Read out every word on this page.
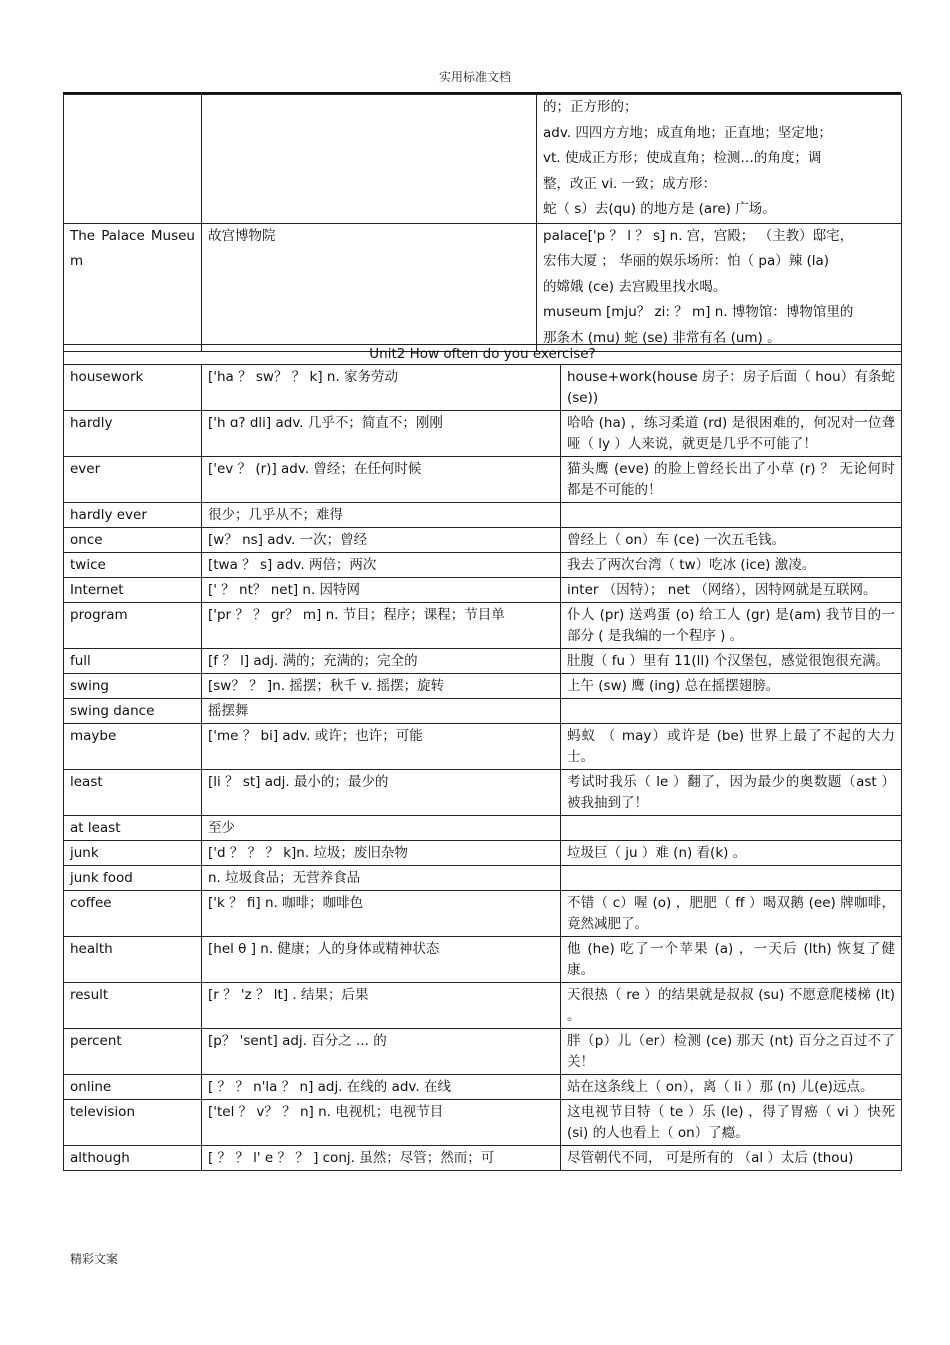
实用标准文档

		的；正方形的；
adv. 四四方方地；成直角地；正直地；坚定地；
vt. 使成正方形；使成直角；检测…的角度；调
整，改正 vi. 一致；成方形：
蛇（ s）去(qu) 的地方是 (are) 广场。

The Palace Museum	故宫博物院	palace['p ？ l ？ s] n. 宫，宫殿； （主教）邸宅，
宏伟大厦 ； 华丽的娱乐场所：怕（ pa）辣 (la)
的嫦娥 (ce) 去宫殿里找水喝。
museum [mju？ zi: ？ m] n. 博物馆：博物馆里的
那条木 (mu) 蛇 (se) 非常有名 (um) 。
Unit2 How often do you exercise?		
housework	['ha ？ sw？ ？ k] n. 家务劳动	house+work(house 房子：房子后面（ hou）有条蛇 (se))
hardly	['h ɑ? dli] adv. 几乎不；简直不；刚刚	哈哈 (ha) ，练习柔道 (rd) 是很困难的，何况对一位聋哑（ ly ）人来说，就更是几乎不可能了！
ever	['ev ？ (r)] adv. 曾经；在任何时候	猫头鹰 (eve) 的脸上曾经长出了小草 (r) ？ 无论何时都是不可能的！
hardly ever	很少；几乎从不；难得	
once	[w？ ns] adv. 一次；曾经	曾经上（ on）车 (ce) 一次五毛钱。
twice	[twa ？ s] adv. 两倍；两次	我去了两次台湾（ tw）吃冰 (ice) 激凌。
Internet	[' ？ nt？ net] n. 因特网	inter （因特）； net （网络），因特网就是互联网。
program	['pr ？ ？ gr？ m] n. 节目；程序；课程；节目单	仆人 (pr) 送鸡蛋 (o) 给工人 (gr) 是(am) 我节目的一部分 ( 是我编的一个程序 ) 。
full	[f ？ l] adj. 满的；充满的；完全的	肚腹（ fu ）里有 11(ll) 个汉堡包，感觉很饱很充满。
swing	[sw？ ？ ]n. 摇摆；秋千 v. 摇摆；旋转	上午 (sw) 鹰 (ing) 总在摇摆翅膀。
swing dance	摇摆舞	
maybe	['me ？ bi] adv. 或许；也许；可能	蚂蚁 （ may）或许是 (be) 世界上最了不起的大力士。
least	[li ？ st] adj. 最小的；最少的	考试时我乐（ le ）翻了，因为最少的奥数题（ast ）被我抽到了！
at least	至少	
junk	['d ？ ？ ？ k]n. 垃圾；废旧杂物	垃圾巨（ ju ）难 (n) 看(k) 。
junk food	n. 垃圾食品；无营养食品	
coffee	['k ？ fi] n. 咖啡；咖啡色	不错（ c）喔 (o) ，肥肥（ ff ）喝双鹅 (ee) 牌咖啡，竟然减肥了。
health	[hel θ ] n. 健康；人的身体或精神状态	他 (he) 吃了一个苹果 (a) ，一天后 (lth) 恢复了健康。
result	[r ？ 'z ？ lt] . 结果；后果	天很热（ re ）的结果就是叔叔 (su) 不愿意爬楼梯 (lt) 。
percent	[p？ 'sent] adj. 百分之 ... 的	胖（p）儿（er）检测 (ce) 那天 (nt) 百分之百过不了关！
online	[ ？ ？ n'la ？ n] adj. 在线的 adv. 在线	站在这条线上（ on），离（ li ）那 (n) 儿(e)远点。
television	['tel ？ v？ ？ n] n. 电视机；电视节目	这电视节目特（ te ）乐 (le) ，得了胃癌（ vi ）快死 (si) 的人也看上（ on）了瘾。
although	[ ？ ？ l' e ？ ？ ] conj. 虽然；尽管；然而；可	尽管朝代不同， 可是所有的 （al ）太后 (thou)
精彩文案
